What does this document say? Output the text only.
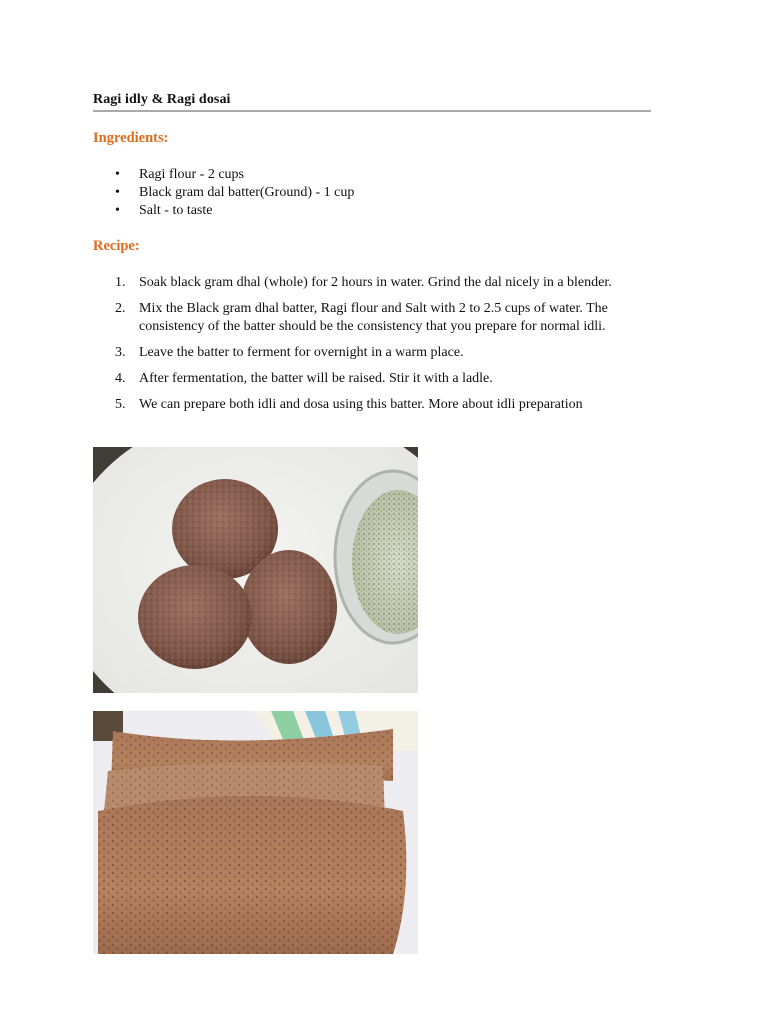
Ragi idly & Ragi dosai
Ingredients:
• Ragi flour - 2 cups
• Black gram dal batter(Ground) - 1 cup
• Salt - to taste
Recipe:
1. Soak black gram dhal (whole) for 2 hours in water. Grind the dal nicely in a blender.
2. Mix the Black gram dhal batter, Ragi flour and Salt with 2 to 2.5 cups of water. The consistency of the batter should be the consistency that you prepare for normal idli.
3. Leave the batter to ferment for overnight in a warm place.
4. After fermentation, the batter will be raised. Stir it with a ladle.
5. We can prepare both idli and dosa using this batter. More about idli preparation
